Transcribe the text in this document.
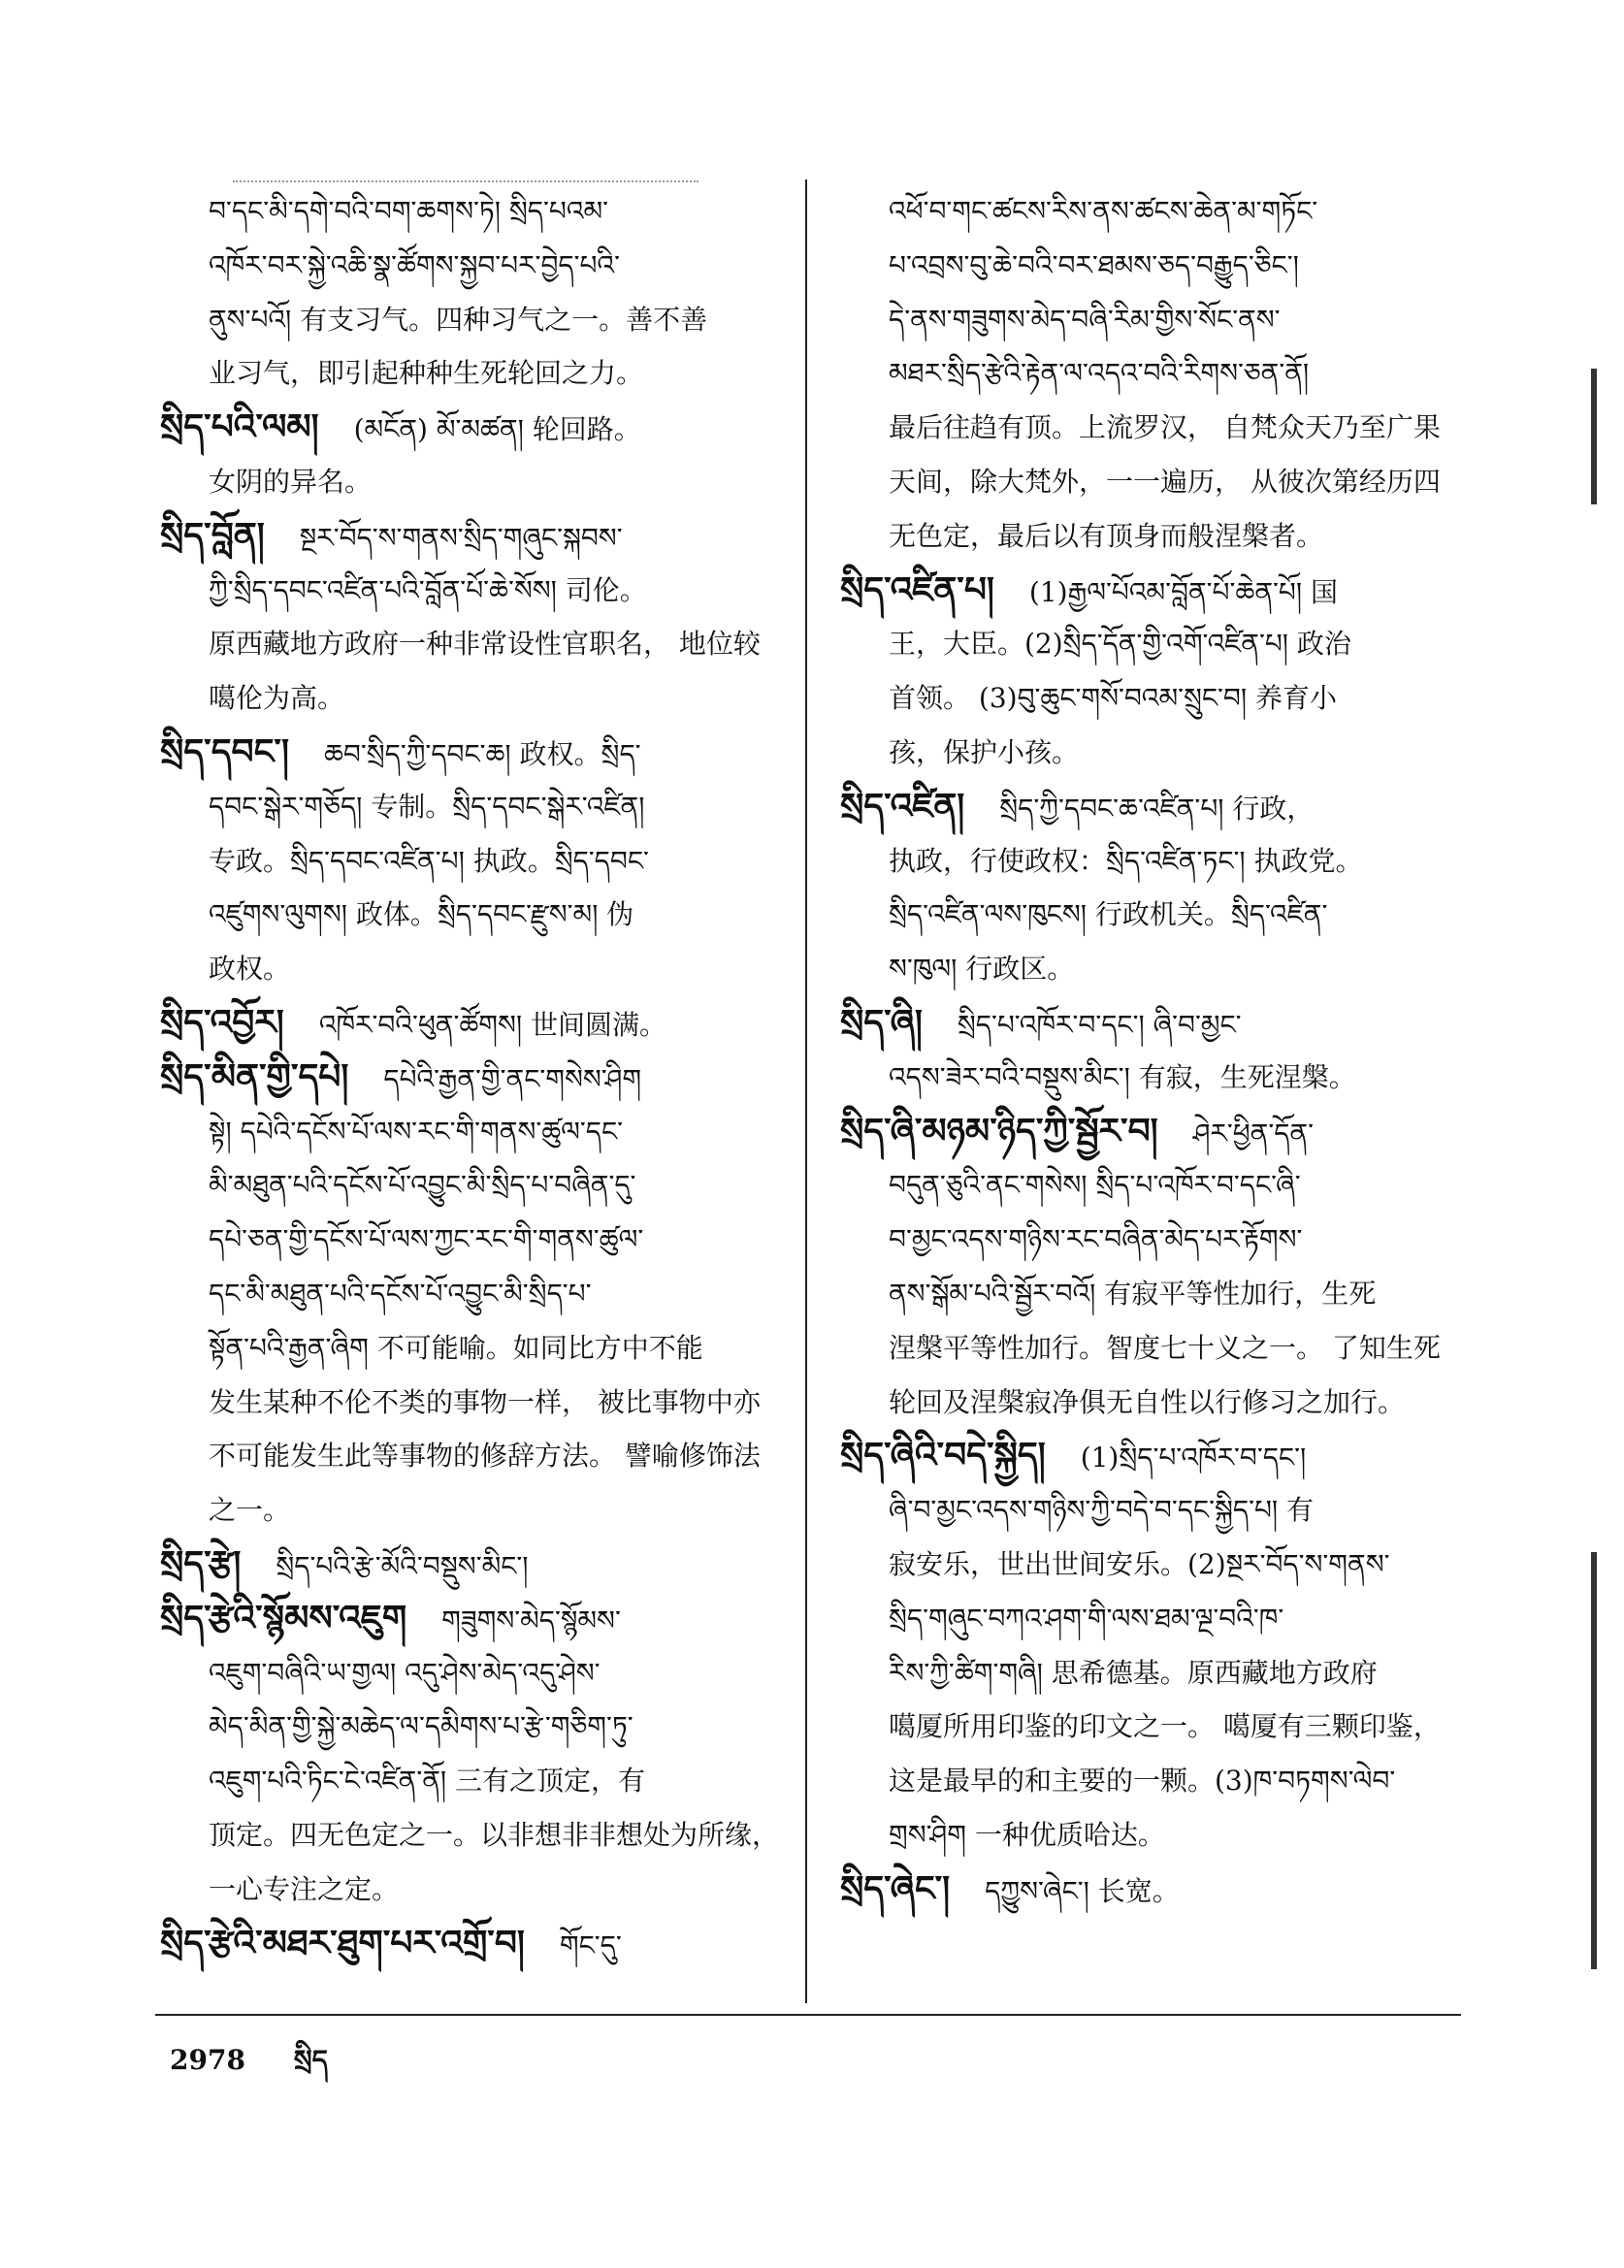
བ་དང་མི་དགེ་བའི་བག་ཆགས་ཏེ། སྲིད་པའམ་
འཁོར་བར་སྐྱེ་འཆི་སྣ་ཚོགས་སྐྱབ་པར་བྱེད་པའི་
ནུས་པའོ། 有支习气。四种习气之一。善不善
业习气，即引起种种生死轮回之力。
སྲིད་པའི་ལམ། (མངོན) མོ་མཚན། 轮回路。
女阴的异名。
སྲིད་བློན། སྔར་བོད་ས་གནས་སྲིད་གཞུང་སྐབས་
ཀྱི་སྲིད་དབང་འཛིན་པའི་བློན་པོ་ཆེ་སོས། 司伦。
原西藏地方政府一种非常设性官职名， 地位较
噶伦为高。
སྲིད་དབང་། ཆབ་སྲིད་ཀྱི་དབང་ཆ། 政权。སྲིད་
དབང་སྒེར་གཅོད། 专制。སྲིད་དབང་སྒེར་འཛིན།
专政。སྲིད་དབང་འཛིན་པ། 执政。སྲིད་དབང་
འཛུགས་ལུགས། 政体。སྲིད་དབང་རྫུས་མ། 伪
政权。
སྲིད་འབྱོར། འཁོར་བའི་ཕུན་ཚོགས། 世间圆满。
སྲིད་མིན་གྱི་དཔེ། དཔེའི་རྒྱན་གྱི་ནང་གསེས་ཤིག
སྟེ། དཔེའི་དངོས་པོ་ལས་རང་གི་གནས་ཚུལ་དང་
མི་མཐུན་པའི་དངོས་པོ་འབྱུང་མི་སྲིད་པ་བཞིན་དུ་
དཔེ་ཅན་གྱི་དངོས་པོ་ལས་ཀྱང་རང་གི་གནས་ཚུལ་
དང་མི་མཐུན་པའི་དངོས་པོ་འབྱུང་མི་སྲིད་པ་
སྟོན་པའི་རྒྱན་ཞིག 不可能喻。如同比方中不能
发生某种不伦不类的事物一样， 被比事物中亦
不可能发生此等事物的修辞方法。 譬喻修饰法
之一。
སྲིད་རྩེ། སྲིད་པའི་རྩེ་མོའི་བསྡུས་མིང་།
སྲིད་རྩེའི་སྙོམས་འཇུག གཟུགས་མེད་སྙོམས་
འཇུག་བཞིའི་ཡ་གྱལ། འདུ་ཤེས་མེད་འདུ་ཤེས་
མེད་མིན་གྱི་སྐྱེ་མཆེད་ལ་དམིགས་པ་རྩེ་གཅིག་ཏུ་
འཇུག་པའི་ཏིང་ངེ་འཛིན་ནོ། 三有之顶定，有
顶定。四无色定之一。以非想非非想处为所缘，
一心专注之定。
སྲིད་རྩེའི་མཐར་ཐུག་པར་འགྲོ་བ། གོང་དུ་
འཕོ་བ་གང་ཚངས་རིས་ནས་ཚངས་ཆེན་མ་གཏོང་
པ་འབྲས་བུ་ཆེ་བའི་བར་ཐམས་ཅད་བརྒྱུད་ཅིང་།
དེ་ནས་གཟུགས་མེད་བཞི་རིམ་གྱིས་སོང་ནས་
མཐར་སྲིད་རྩེའི་རྟེན་ལ་འདའ་བའི་རིགས་ཅན་ནོ།
最后往趋有顶。上流罗汉， 自梵众天乃至广果
天间，除大梵外，一一遍历， 从彼次第经历四
无色定，最后以有顶身而般涅槃者。
སྲིད་འཛིན་པ། (1)རྒྱལ་པོའམ་བློན་པོ་ཆེན་པོ། 国
王，大臣。(2)སྲིད་དོན་གྱི་འགོ་འཛིན་པ། 政治
首领。 (3)བུ་ཆུང་གསོ་བའམ་སྲུང་བ། 养育小
孩，保护小孩。
སྲིད་འཛིན། སྲིད་ཀྱི་དབང་ཆ་འཛིན་པ། 行政，
执政，行使政权：སྲིད་འཛིན་ཏང་། 执政党。
སྲིད་འཛིན་ལས་ཁུངས། 行政机关。སྲིད་འཛིན་
ས་ཁུལ། 行政区。
སྲིད་ཞི། སྲིད་པ་འཁོར་བ་དང་། ཞི་བ་མྱང་
འདས་ཟེར་བའི་བསྡུས་མིང་། 有寂，生死涅槃。
སྲིད་ཞི་མཉམ་ཉིད་ཀྱི་སྦྱོར་བ། ཤེར་ཕྱིན་དོན་
བདུན་ཅུའི་ནང་གསེས། སྲིད་པ་འཁོར་བ་དང་ཞི་
བ་མྱང་འདས་གཉིས་རང་བཞིན་མེད་པར་རྟོགས་
ནས་སྒོམ་པའི་སྦྱོར་བའོ། 有寂平等性加行，生死
涅槃平等性加行。智度七十义之一。 了知生死
轮回及涅槃寂净俱无自性以行修习之加行。
སྲིད་ཞིའི་བདེ་སྐྱིད། (1)སྲིད་པ་འཁོར་བ་དང་།
ཞི་བ་མྱང་འདས་གཉིས་ཀྱི་བདེ་བ་དང་སྐྱིད་པ། 有
寂安乐，世出世间安乐。(2)སྔར་བོད་ས་གནས་
སྲིད་གཞུང་བཀའ་ཤག་གི་ལས་ཐམ་ལྔ་བའི་ཁ་
རིས་ཀྱི་ཚིག་གཞི། 思希德基。原西藏地方政府
噶厦所用印鉴的印文之一。 噶厦有三颗印鉴，
这是最早的和主要的一颗。(3)ཁ་བཏགས་ལེབ་
གྲས་ཤིག 一种优质哈达。
སྲིད་ཞེང་། དཀྱུས་ཞེང་། 长宽。
2978 སྲིད
